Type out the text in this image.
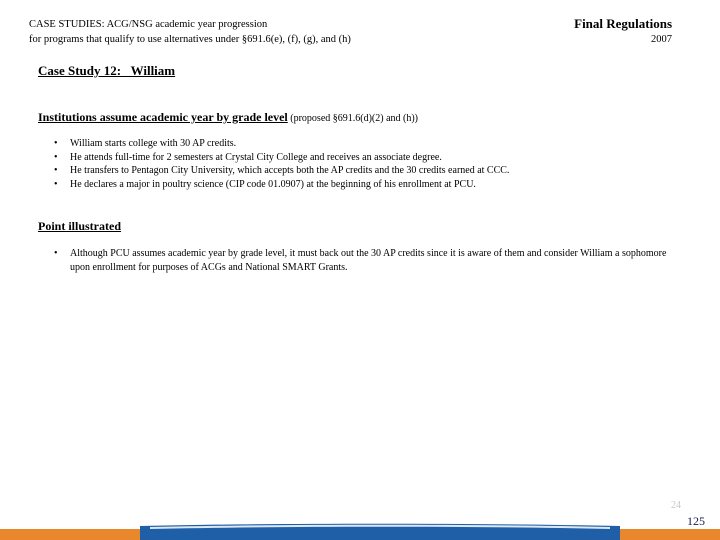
CASE STUDIES: ACG/NSG academic year progression
for programs that qualify to use alternatives under §691.6(e), (f), (g), and (h)
Final Regulations
2007
Case Study 12:   William
Institutions assume academic year by grade level (proposed §691.6(d)(2) and (h))
• William starts college with 30 AP credits.
• He attends full-time for 2 semesters at Crystal City College and receives an associate degree.
• He transfers to Pentagon City University, which accepts both the AP credits and the 30 credits earned at CCC.
• He declares a major in poultry science (CIP code 01.0907) at the beginning of his enrollment at PCU.
Point illustrated
• Although PCU assumes academic year by grade level, it must back out the 30 AP credits since it is aware of them and consider William a sophomore upon enrollment for purposes of ACGs and National SMART Grants.
24
125
